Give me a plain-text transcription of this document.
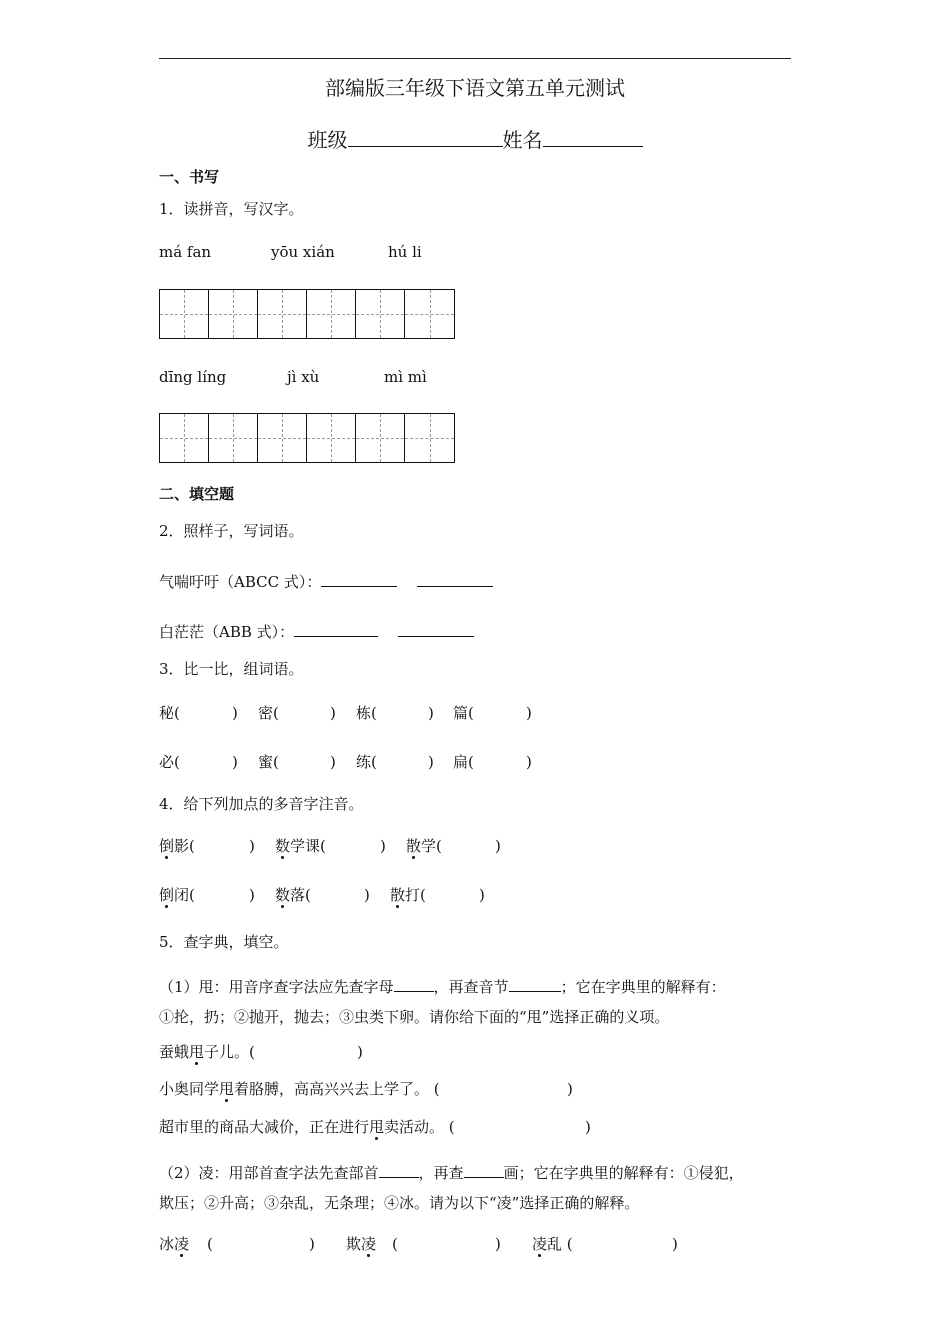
部编版三年级下语文第五单元测试
班级	姓名
一、书写
1．读拼音，写汉字。
má fan	yōu xián	hú li
dīng líng	jì xù	mì mì
二、填空题
2．照样子，写词语。
气喘吁吁（ABCC 式）：
白茫茫（ABB 式）：
3．比一比，组词语。
秘(	) 密(	) 栋(	) 篇(	)
必(	) 蜜(	) 练(	) 扁(	)
4．给下列加点的多音字注音。
倒影(	) 数学课(	) 散学(	)
倒闭(	) 数落(	) 散打(	)
5．查字典，填空。
（1）甩：用音序查字法应先查字母	，再查音节	；它在字典里的解释有：
①抡，扔；②抛开，抛去；③虫类下卵。请你给下面的“甩”选择正确的义项。
蚕蛾甩子儿。(	)
小奥同学甩着胳膊，高高兴兴去上学了。 (	)
超市里的商品大减价，正在进行甩卖活动。 (	)
（2）凌：用部首查字法先查部首	，再查	画；它在字典里的解释有：①侵犯，
欺压；②升高；③杂乱，无条理；④冰。请为以下“凌”选择正确的解释。
冰凌 (	) 欺凌 (	) 凌乱 (	)
